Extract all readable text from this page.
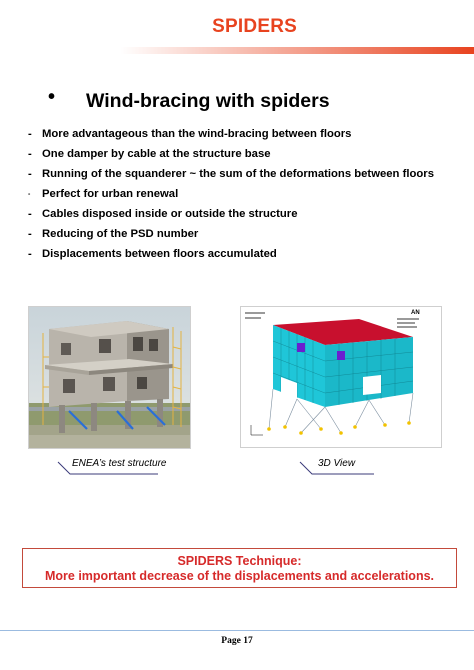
SPIDERS
• Wind-bracing with spiders
- More advantageous than the wind-bracing between floors
- One damper by cable at the structure base
- Running of the squanderer ~ the sum of the deformations between floors
-	Perfect for urban renewal
- Cables disposed inside or outside the structure
- Reducing of the PSD number
- Displacements between floors accumulated
AN
ENEA’s test structure	3D View
SPIDERS Technique:
More important decrease of the displacements and accelerations.
Page 17
